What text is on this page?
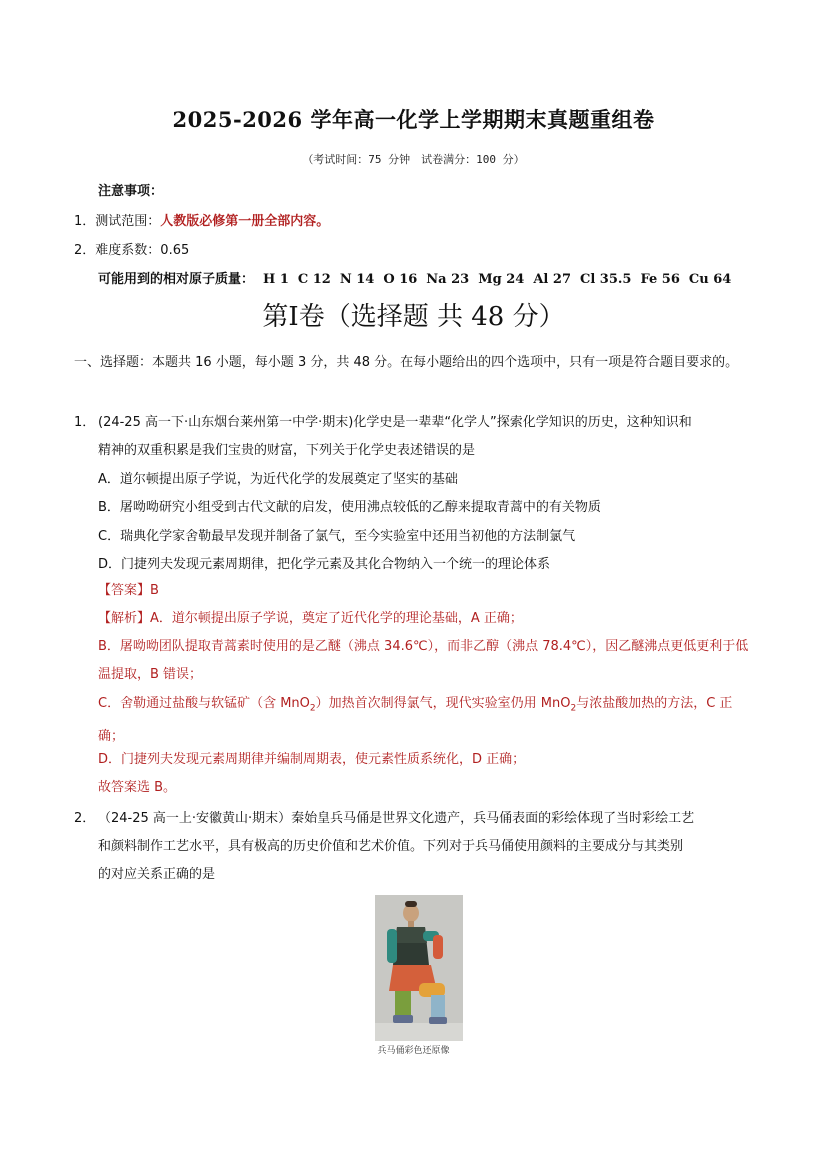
2025-2026 学年高一化学上学期期末真题重组卷
（考试时间：75 分钟　试卷满分：100 分）
注意事项：
1．测试范围：人教版必修第一册全部内容。
2．难度系数：0.65
可能用到的相对原子质量： H 1 C 12 N 14 O 16 Na 23 Mg 24 Al 27 Cl 35.5 Fe 56 Cu 64
第I卷（选择题 共 48 分）
一、选择题：本题共 16 小题，每小题 3 分，共 48 分。在每小题给出的四个选项中，只有一项是符合题目要求的。
1． (24-25 高一下·山东烟台莱州第一中学·期末)化学史是一辈辈“化学人”探索化学知识的历史，这种知识和
精神的双重积累是我们宝贵的财富，下列关于化学史表述错误的是
A．道尔顿提出原子学说，为近代化学的发展奠定了坚实的基础
B．屠呦呦研究小组受到古代文献的启发，使用沸点较低的乙醇来提取青蒿中的有关物质
C．瑞典化学家舍勒最早发现并制备了氯气，至今实验室中还用当初他的方法制氯气
D．门捷列夫发现元素周期律，把化学元素及其化合物纳入一个统一的理论体系
【答案】B
【解析】A．道尔顿提出原子学说，奠定了近代化学的理论基础，A 正确；
B．屠呦呦团队提取青蒿素时使用的是乙醚（沸点 34.6℃），而非乙醇（沸点 78.4℃），因乙醚沸点更低更利于低温提取，B 错误；
C．舍勒通过盐酸与软锰矿（含 MnO$_2$）加热首次制得氯气，现代实验室仍用 MnO$_2$与浓盐酸加热的方法，C 正确；
D．门捷列夫发现元素周期律并编制周期表，使元素性质系统化，D 正确；
故答案选 B。
2． （24-25 高一上·安徽黄山·期末）秦始皇兵马俑是世界文化遗产，兵马俑表面的彩绘体现了当时彩绘工艺
和颜料制作工艺水平，具有极高的历史价值和艺术价值。下列对于兵马俑使用颜料的主要成分与其类别
的对应关系正确的是
兵马俑彩色还原像
